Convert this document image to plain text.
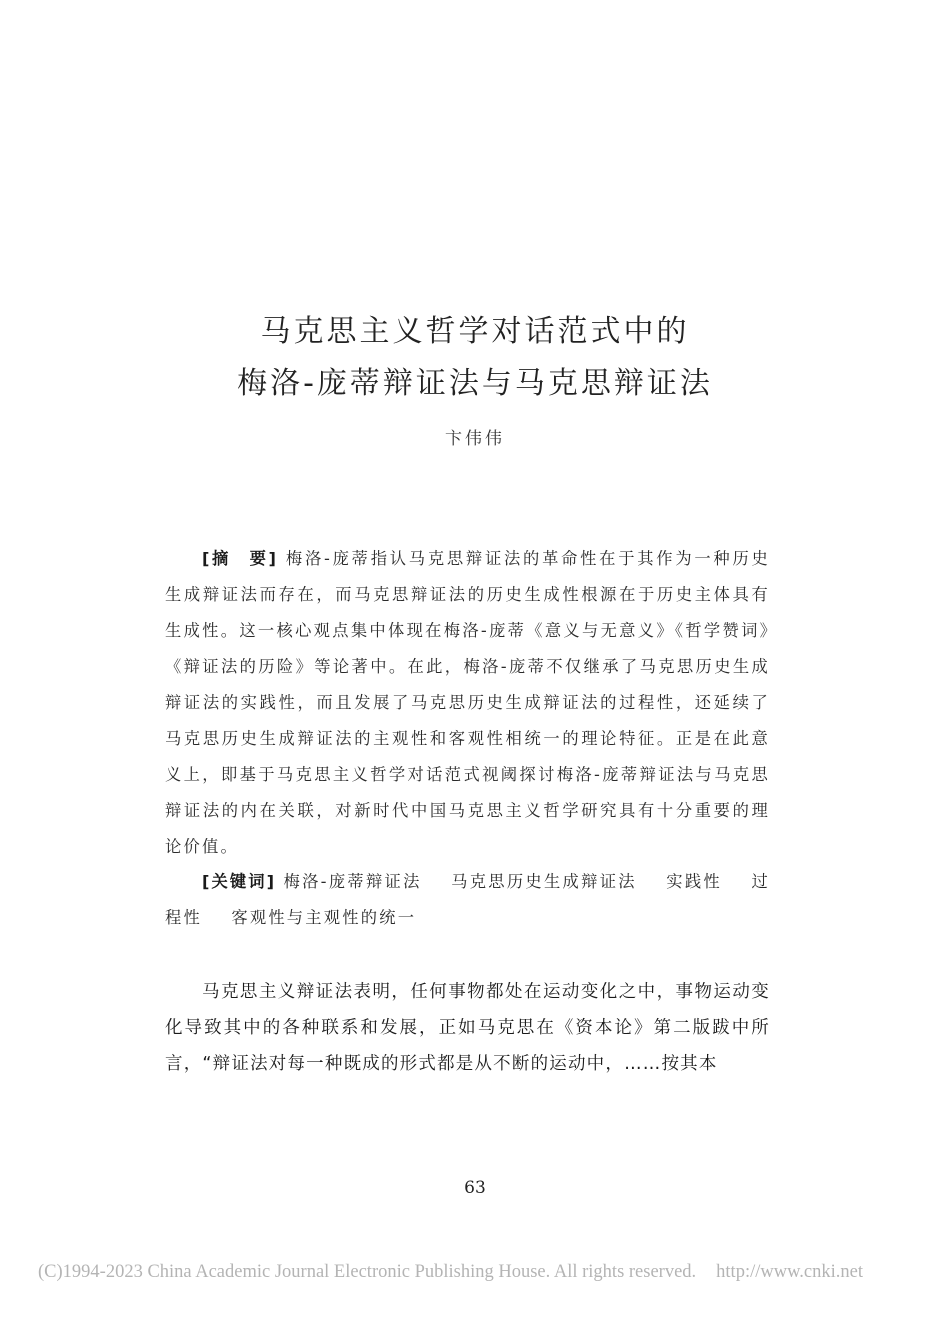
马克思主义哲学对话范式中的
梅洛-庞蒂辩证法与马克思辩证法
卞伟伟
[摘　要] 梅洛-庞蒂指认马克思辩证法的革命性在于其作为一种历史生成辩证法而存在，而马克思辩证法的历史生成性根源在于历史主体具有生成性。这一核心观点集中体现在梅洛-庞蒂《意义与无意义》《哲学赞词》《辩证法的历险》等论著中。在此，梅洛-庞蒂不仅继承了马克思历史生成辩证法的实践性，而且发展了马克思历史生成辩证法的过程性，还延续了马克思历史生成辩证法的主观性和客观性相统一的理论特征。正是在此意义上，即基于马克思主义哲学对话范式视阈探讨梅洛-庞蒂辩证法与马克思辩证法的内在关联，对新时代中国马克思主义哲学研究具有十分重要的理论价值。
[关键词] 梅洛-庞蒂辩证法 马克思历史生成辩证法 实践性 过程性 客观性与主观性的统一
马克思主义辩证法表明，任何事物都处在运动变化之中，事物运动变化导致其中的各种联系和发展，正如马克思在《资本论》第二版跋中所言，“辩证法对每一种既成的形式都是从不断的运动中，……按其本
63
(C)1994-2023 China Academic Journal Electronic Publishing House. All rights reserved. http://www.cnki.net
